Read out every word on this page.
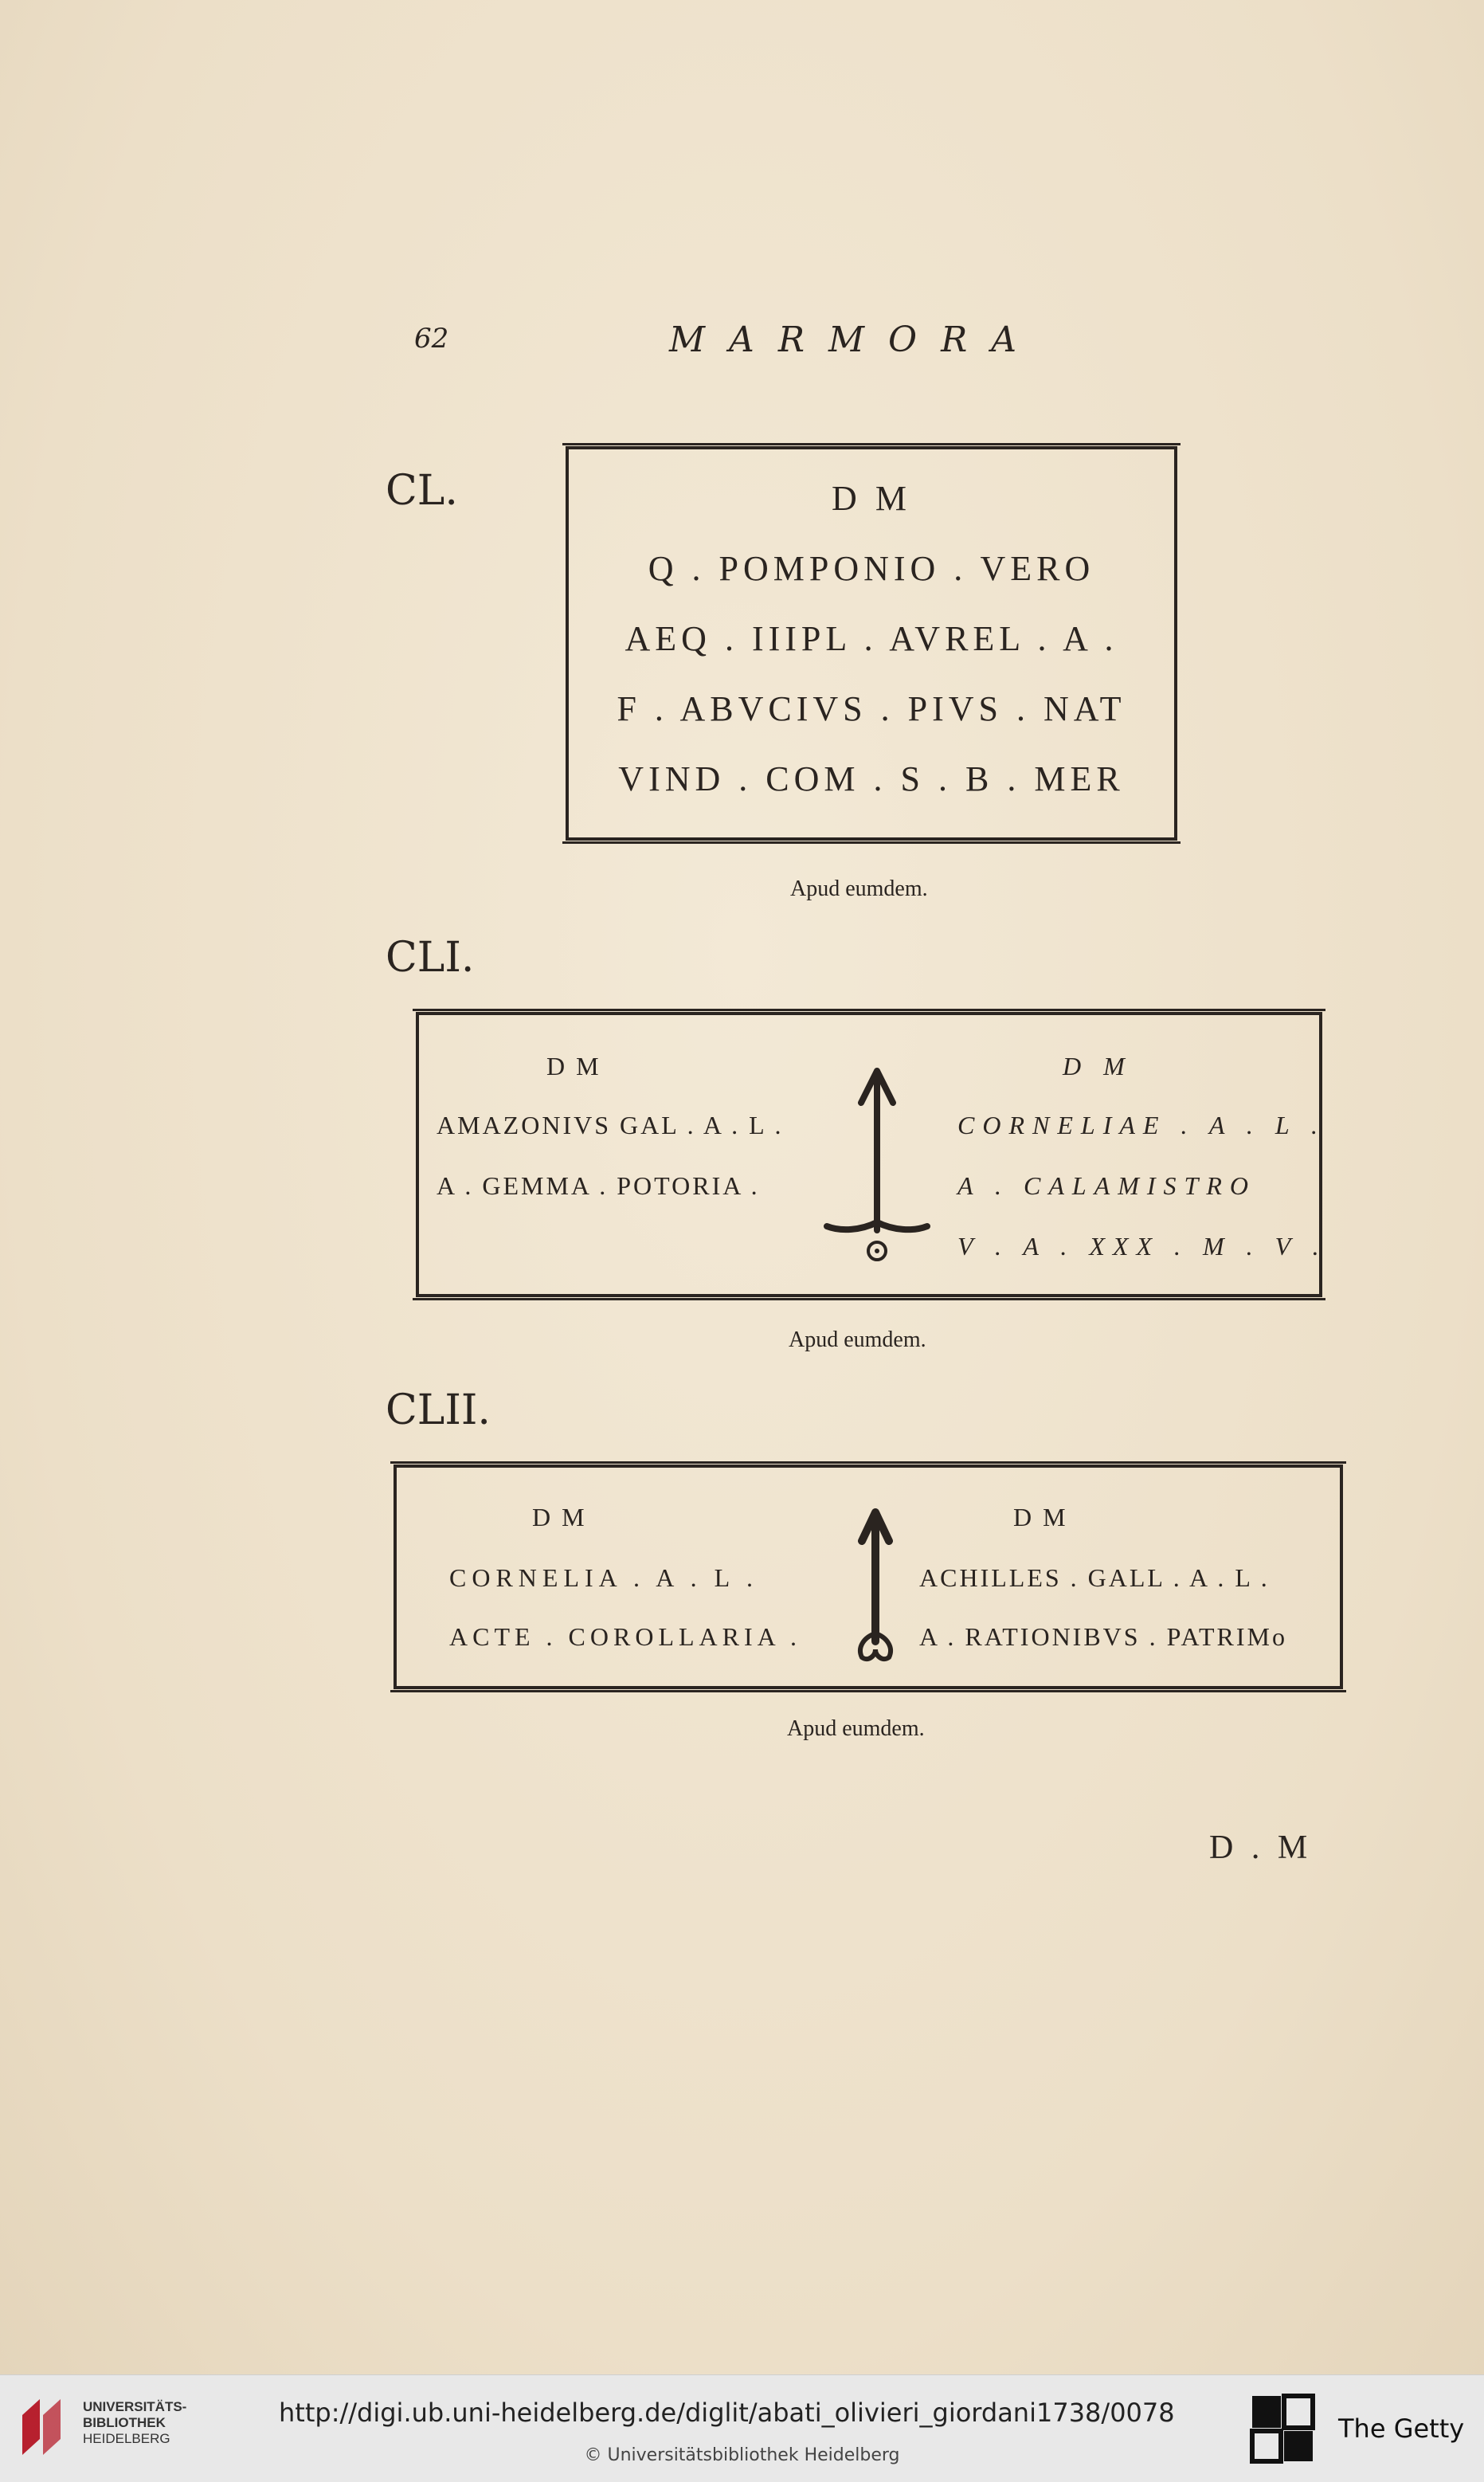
62	MARMORA
CL.	D M
Q . POMPONIO . VERO
AEQ . IIIPL . AVREL . A .
F . ABVCIVS . PIVS . NAT
VIND . COM . S . B . MER
Apud eumdem.
CLI.
D M
AMAZONIVS GAL . A . L .
A . GEMMA . POTORIA .
D M
CORNELIAE . A . L .
A . CALAMISTRO
V . A . XXX . M . V .
Apud eumdem.
CLII.
D M
CORNELIA . A . L .
ACTE . COROLLARIA .
D M
ACHILLES . GALL . A . L .
A . RATIONIBVS . PATRIMo
Apud eumdem.
D . M
UNIVERSITÄTS-
BIBLIOTHEK
HEIDELBERG
http://digi.ub.uni-heidelberg.de/diglit/abati_olivieri_giordani1738/0078
© Universitätsbibliothek Heidelberg
The Getty
